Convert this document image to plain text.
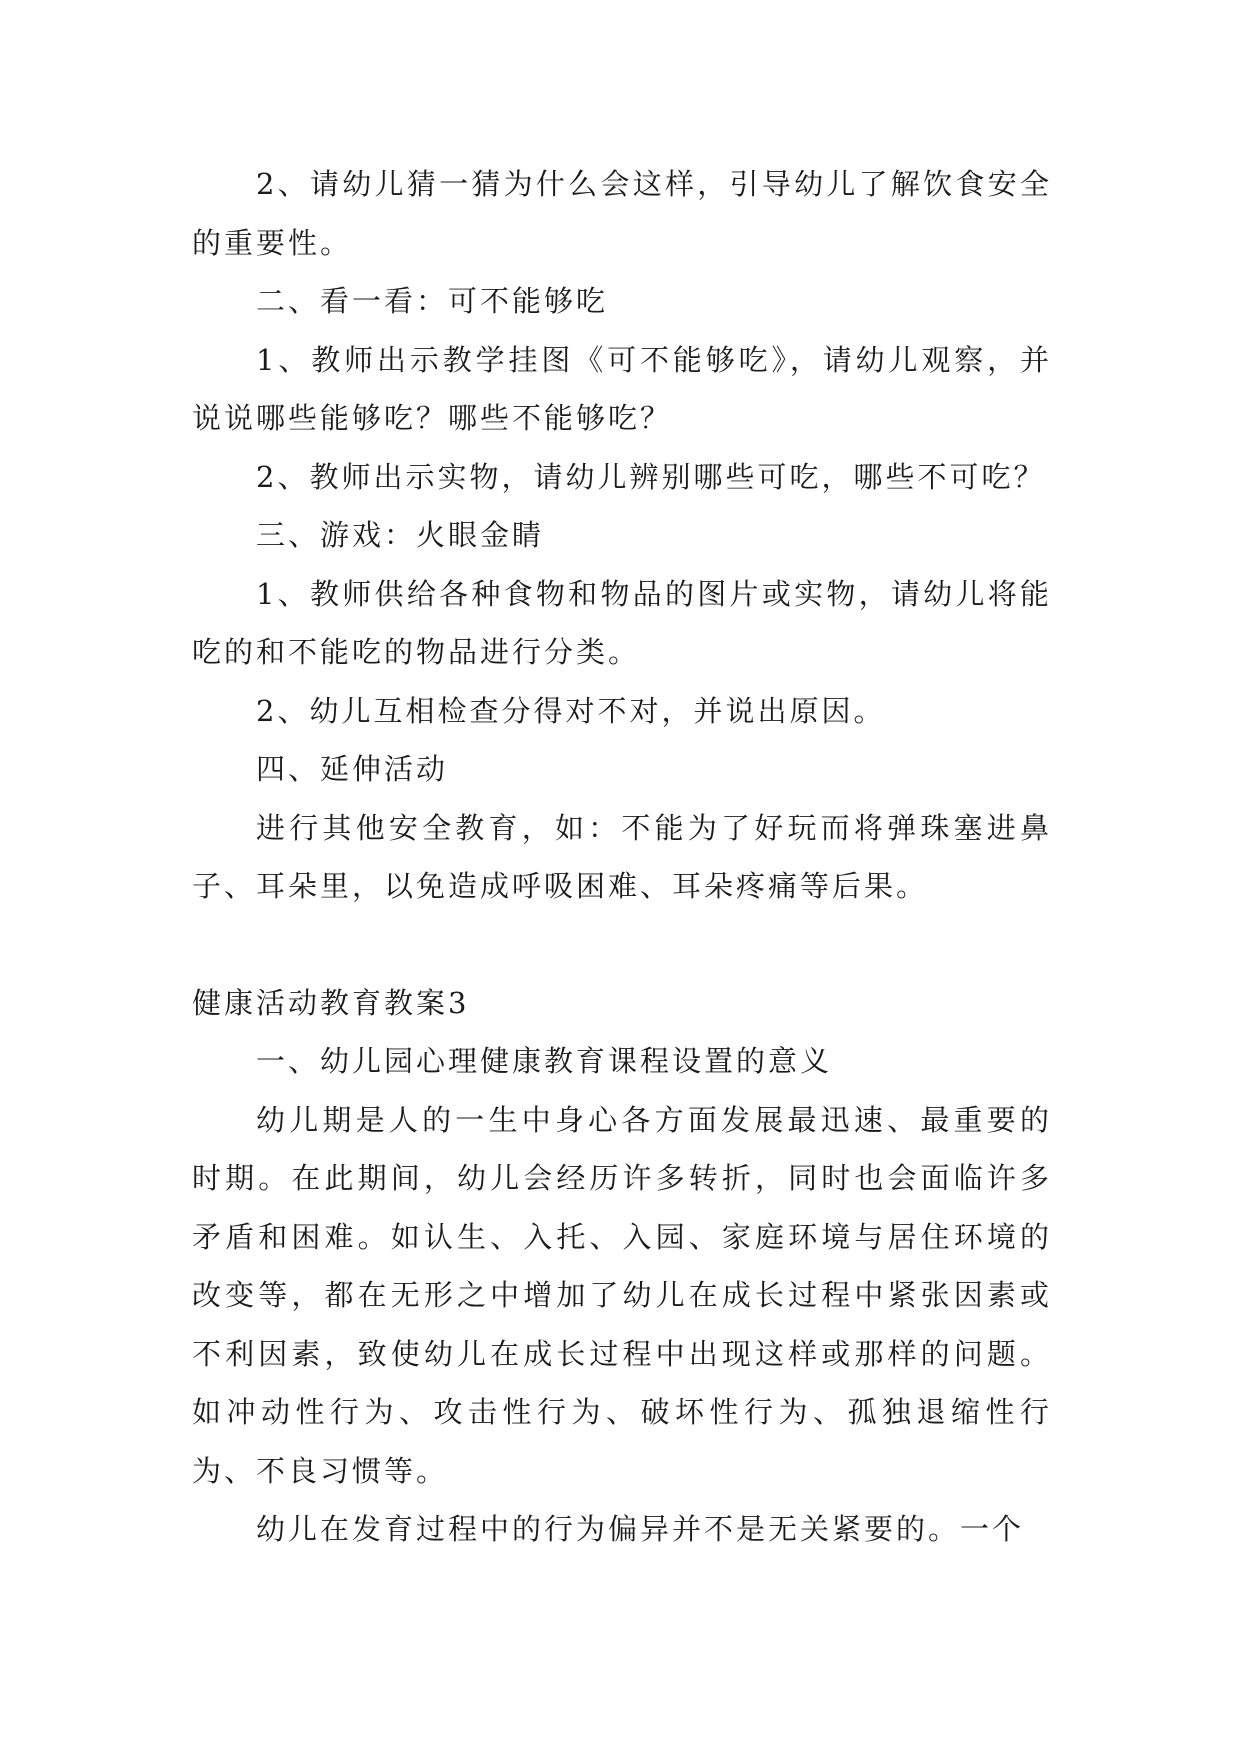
2、请幼儿猜一猜为什么会这样，引导幼儿了解饮食安全的重要性。

二、看一看：可不能够吃

1、教师出示教学挂图《可不能够吃》，请幼儿观察，并说说哪些能够吃？哪些不能够吃？

2、教师出示实物，请幼儿辨别哪些可吃，哪些不可吃？

三、游戏：火眼金睛

1、教师供给各种食物和物品的图片或实物，请幼儿将能吃的和不能吃的物品进行分类。

2、幼儿互相检查分得对不对，并说出原因。

四、延伸活动

进行其他安全教育，如：不能为了好玩而将弹珠塞进鼻子、耳朵里，以免造成呼吸困难、耳朵疼痛等后果。

健康活动教育教案3

一、幼儿园心理健康教育课程设置的意义

幼儿期是人的一生中身心各方面发展最迅速、最重要的时期。在此期间，幼儿会经历许多转折，同时也会面临许多矛盾和困难。如认生、入托、入园、家庭环境与居住环境的改变等，都在无形之中增加了幼儿在成长过程中紧张因素或不利因素，致使幼儿在成长过程中出现这样或那样的问题。如冲动性行为、攻击性行为、破坏性行为、孤独退缩性行为、不良习惯等。

幼儿在发育过程中的行为偏异并不是无关紧要的。一个
